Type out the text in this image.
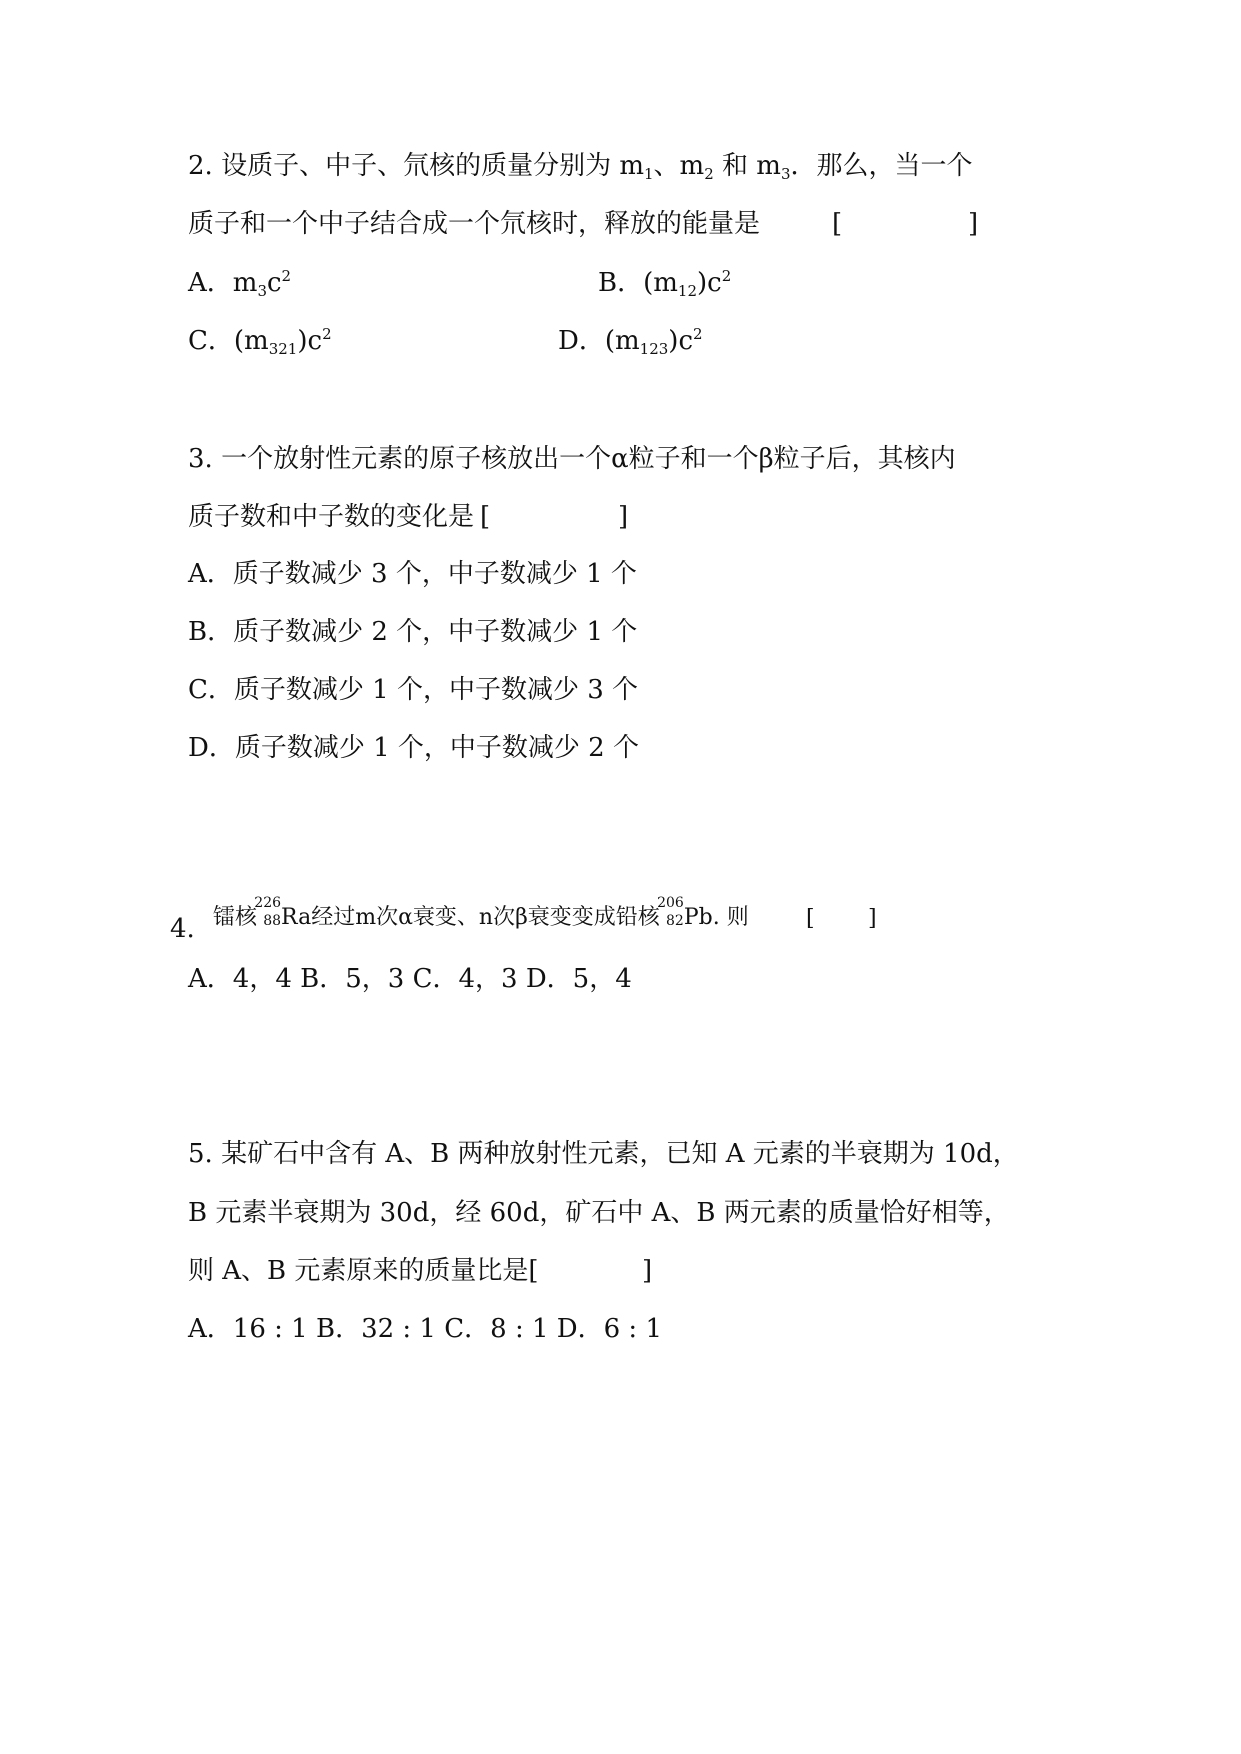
2. 设质子、中子、氘核的质量分别为 $m_1$、$m_2$ 和 $m_3$．那么，当一个
质子和一个中子结合成一个氘核时，释放的能量是	[	]
A．$m_3c^2$	B．$(m_{12})c^2$
C．$(m_{321})c^2$	D．$(m_{123})c^2$
3. 一个放射性元素的原子核放出一个α粒子和一个β粒子后，其核内
质子数和中子数的变化是 [	]
A．质子数减少 3 个，中子数减少 1 个
B．质子数减少 2 个，中子数减少 1 个
C．质子数减少 1 个，中子数减少 3 个
D．质子数减少 1 个，中子数减少 2 个
4. 镭核
226
88 Ra经过m次α衰变、n次β衰变变成铅核
206
82 Pb. 则	[ ]
A．4，4 B．5，3 C．4，3 D．5，4
5. 某矿石中含有 A、B 两种放射性元素，已知 A 元素的半衰期为 10d，
B 元素半衰期为 30d，经 60d，矿石中 A、B 两元素的质量恰好相等，
则 A、B 元素原来的质量比是[	]
A．16 : 1 B．32 : 1 C．8 : 1 D．6 : 1
